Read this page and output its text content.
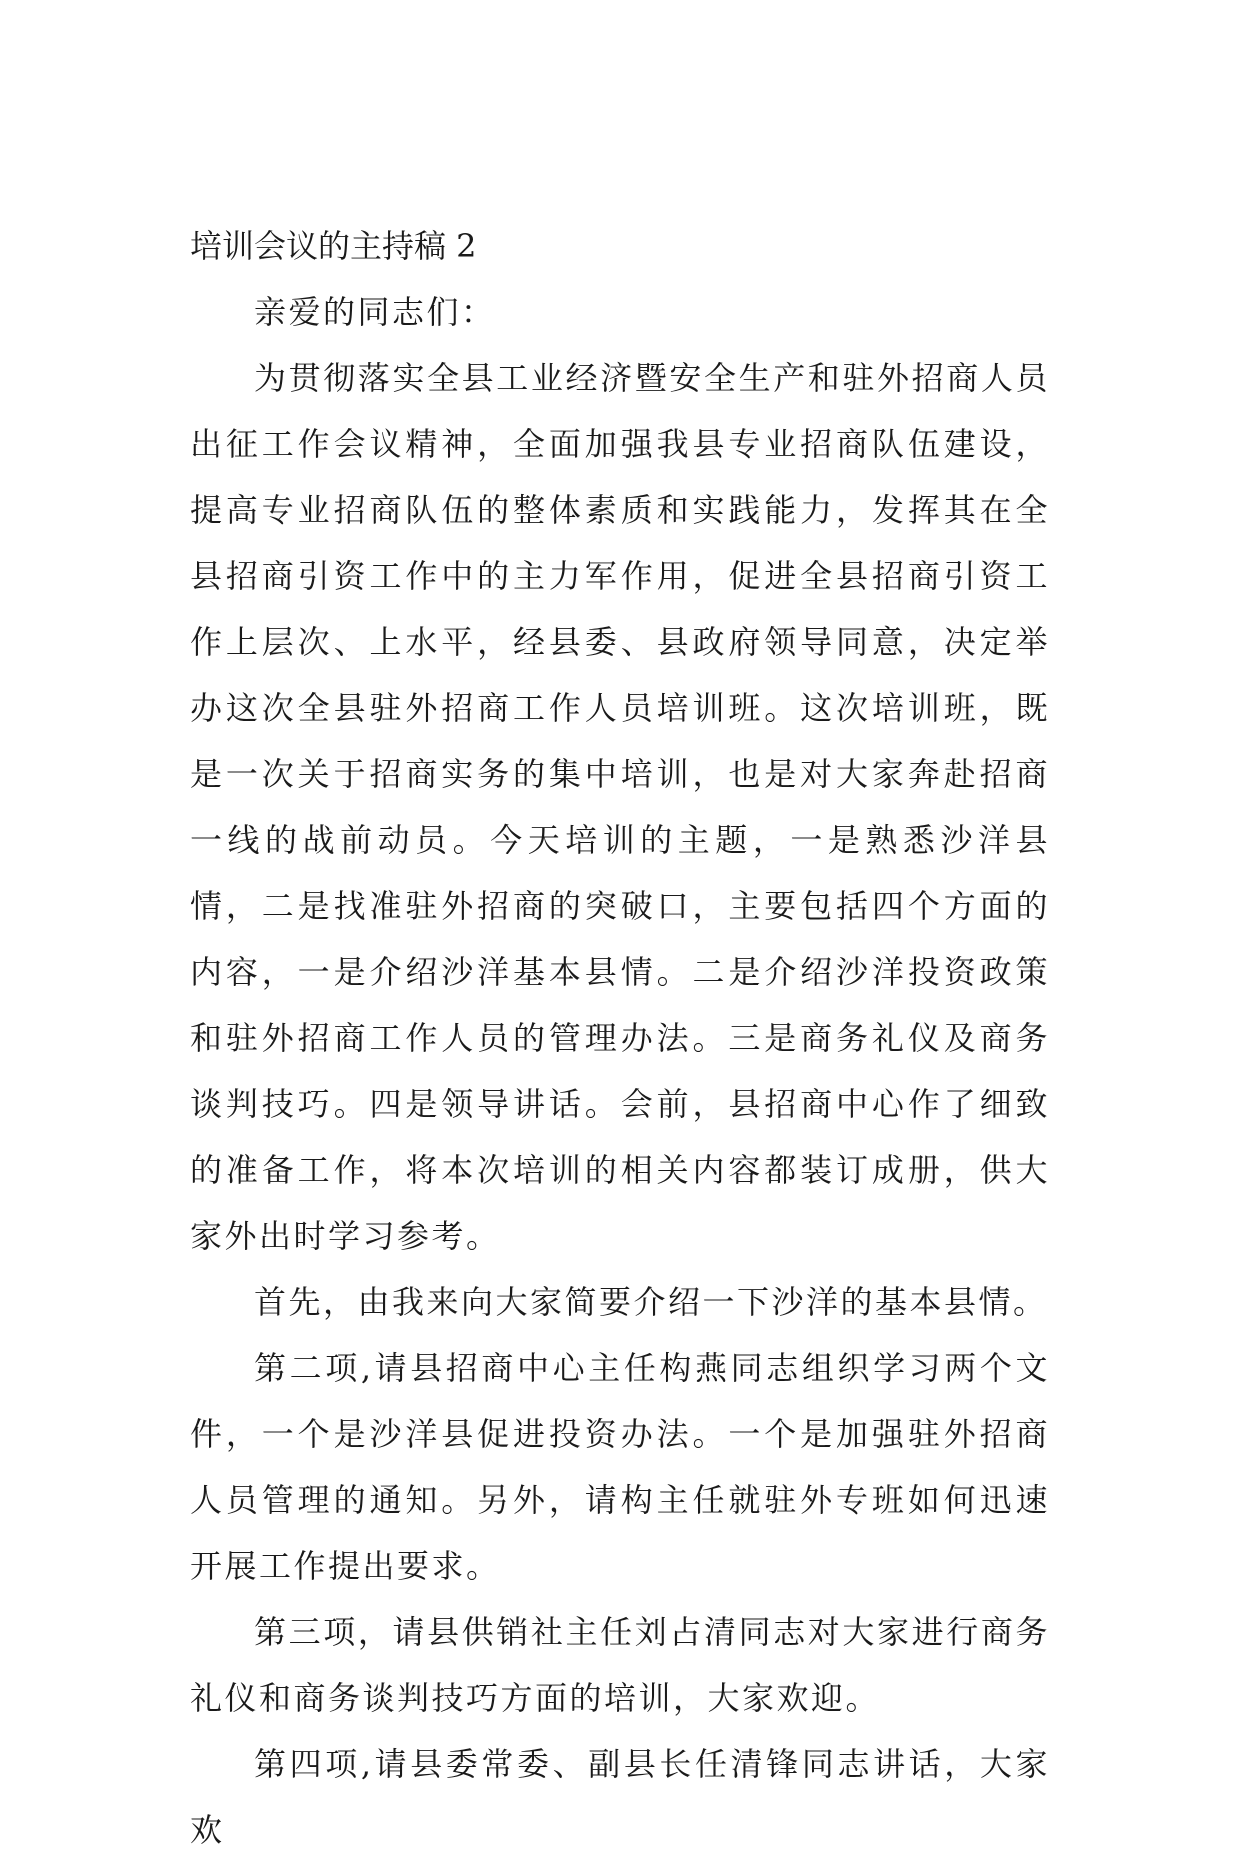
培训会议的主持稿 2

亲爱的同志们：

为贯彻落实全县工业经济暨安全生产和驻外招商人员出征工作会议精神，全面加强我县专业招商队伍建设，提高专业招商队伍的整体素质和实践能力，发挥其在全县招商引资工作中的主力军作用，促进全县招商引资工作上层次、上水平，经县委、县政府领导同意，决定举办这次全县驻外招商工作人员培训班。这次培训班，既是一次关于招商实务的集中培训，也是对大家奔赴招商一线的战前动员。今天培训的主题，一是熟悉沙洋县情，二是找准驻外招商的突破口，主要包括四个方面的内容，一是介绍沙洋基本县情。二是介绍沙洋投资政策和驻外招商工作人员的管理办法。三是商务礼仪及商务谈判技巧。四是领导讲话。会前，县招商中心作了细致的准备工作，将本次培训的相关内容都装订成册，供大家外出时学习参考。

首先，由我来向大家简要介绍一下沙洋的基本县情。

第二项,请县招商中心主任构燕同志组织学习两个文件，一个是沙洋县促进投资办法。一个是加强驻外招商人员管理的通知。另外，请构主任就驻外专班如何迅速开展工作提出要求。

第三项，请县供销社主任刘占清同志对大家进行商务礼仪和商务谈判技巧方面的培训，大家欢迎。

第四项,请县委常委、副县长任清锋同志讲话，大家欢
